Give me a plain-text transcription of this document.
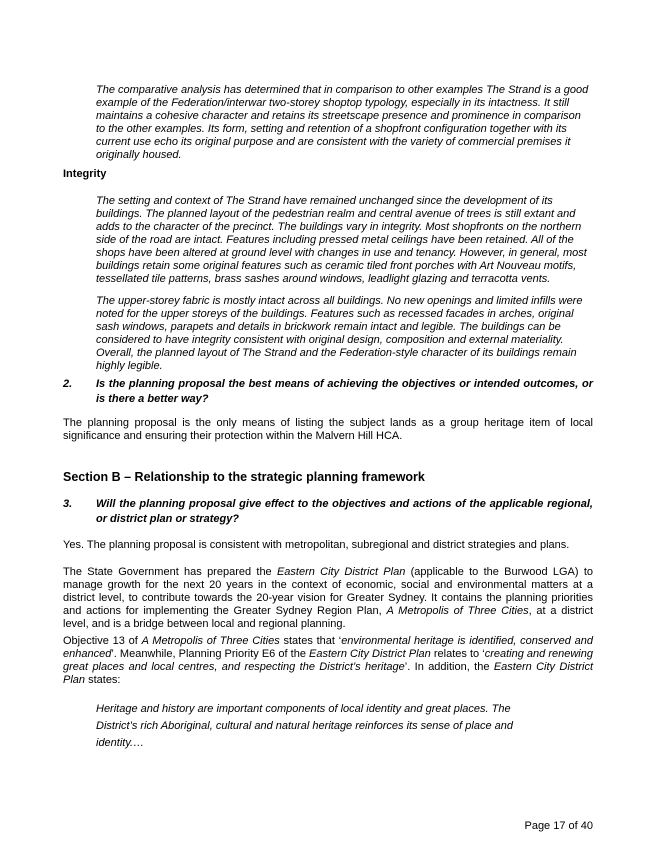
The comparative analysis has determined that in comparison to other examples The Strand is a good example of the Federation/interwar two-storey shoptop typology, especially in its intactness. It still maintains a cohesive character and retains its streetscape presence and prominence in comparison to the other examples. Its form, setting and retention of a shopfront configuration together with its current use echo its original purpose and are consistent with the variety of commercial premises it originally housed.

Integrity

The setting and context of The Strand have remained unchanged since the development of its buildings. The planned layout of the pedestrian realm and central avenue of trees is still extant and adds to the character of the precinct. The buildings vary in integrity. Most shopfronts on the northern side of the road are intact. Features including pressed metal ceilings have been retained. All of the shops have been altered at ground level with changes in use and tenancy. However, in general, most buildings retain some original features such as ceramic tiled front porches with Art Nouveau motifs, tessellated tile patterns, brass sashes around windows, leadlight glazing and terracotta vents.

The upper-storey fabric is mostly intact across all buildings. No new openings and limited infills were noted for the upper storeys of the buildings. Features such as recessed facades in arches, original sash windows, parapets and details in brickwork remain intact and legible. The buildings can be considered to have integrity consistent with original design, composition and external materiality. Overall, the planned layout of The Strand and the Federation-style character of its buildings remain highly legible.

2.	Is the planning proposal the best means of achieving the objectives or intended outcomes, or is there a better way?

The planning proposal is the only means of listing the subject lands as a group heritage item of local significance and ensuring their protection within the Malvern Hill HCA.

Section B – Relationship to the strategic planning framework
3.	Will the planning proposal give effect to the objectives and actions of the applicable regional, or district plan or strategy?

Yes. The planning proposal is consistent with metropolitan, subregional and district strategies and plans.

The State Government has prepared the Eastern City District Plan (applicable to the Burwood LGA) to manage growth for the next 20 years in the context of economic, social and environmental matters at a district level, to contribute towards the 20-year vision for Greater Sydney. It contains the planning priorities and actions for implementing the Greater Sydney Region Plan, A Metropolis of Three Cities, at a district level, and is a bridge between local and regional planning.

Objective 13 of A Metropolis of Three Cities states that ‘environmental heritage is identified, conserved and enhanced’. Meanwhile, Planning Priority E6 of the Eastern City District Plan relates to ‘creating and renewing great places and local centres, and respecting the District’s heritage’. In addition, the Eastern City District Plan states:

Heritage and history are important components of local identity and great places. The District’s rich Aboriginal, cultural and natural heritage reinforces its sense of place and identity.…

Page 17 of 40
